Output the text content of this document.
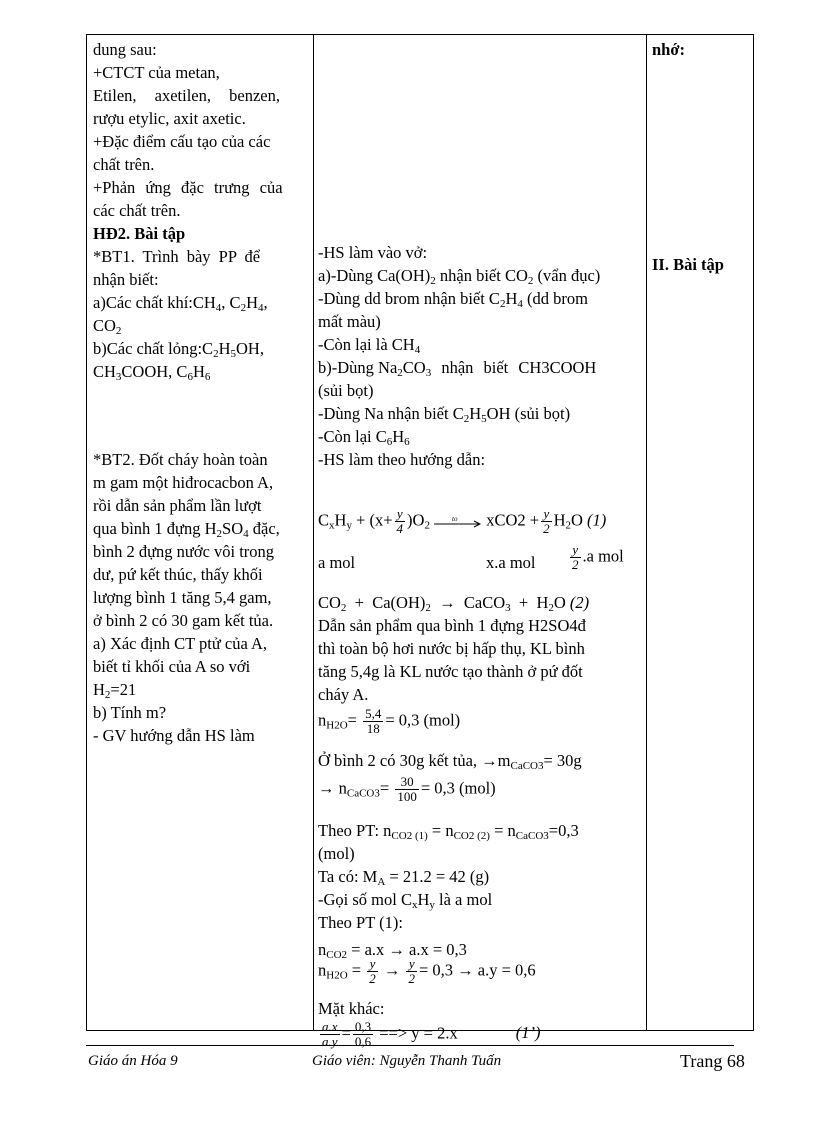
dung sau:
+CTCT của metan,
Etilen, axetilen, benzen,
rượu etylic, axit axetic.
+Đặc điểm cấu tạo của các
chất trên.
+Phản ứng đặc trưng của
các chất trên.
HĐ2. Bài tập
*BT1. Trình bày PP để
nhận biết:
a)Các chất $khí:CH_4$, $C_2H_4$,
$CO_2$
b)Các chất $lỏng:C_2H_5OH$,
$CH_3COOH$, $C_6H_6$
*BT2. Đốt cháy hoàn toàn
m gam một hiđrocacbon A,
rồi dẫn sản phẩm lần lượt
qua bình 1 đựng $H_2SO_4$ đặc,
bình 2 đựng nước vôi trong
dư, pứ kết thúc, thấy khối
lượng bình 1 tăng 5,4 gam,
ở bình 2 có 30 gam kết tủa.
a) Xác định CT ptử của A,
biết tỉ khối của A so với
$H_2=21$
b) Tính m?
- GV hướng dẫn HS làm
-HS làm vào vở:
a)-Dùng $Ca(OH)_2$ nhận biết $CO_2$ (vẩn đục)
-Dùng dd brom nhận biết $C_2H_4$ (dd brom
mất màu)
-Còn lại là $CH_4$
b)-Dùng $Na_2CO_3$ nhận biết CH3COOH
(sủi bọt)
-Dùng Na nhận biết $C_2H_5OH$ (sủi bọt)
-Còn lại $C_6H_6$
-HS làm theo hướng dẫn:
$C_xH_y + (x+ \frac{y}{4} )O_2$
to $xCO2 + \frac{y}{2} H_2O$ (1)
a mol	x.a mol	$\frac{y}{2} .a$ mol
$CO_2 + Ca(OH)_2$  →  CaCO$_3$  +  $H_2O$ (2)
Dẫn sản phẩm qua bình 1 đựng H2SO4đ
thì toàn bộ hơi nước bị hấp thụ, KL bình
tăng 5,4g là KL nước tạo thành ở pứ đốt
cháy A.
$n_{H2O}= \frac{5,4}{18} = 0,3$ (mol)
Ở bình 2 có 30g kết tủa, $\to m_{CaCO3}= 30g$
→ $n_{CaCO3}= \frac{30}{100} = 0,3$ (mol)
Theo PT: $n_{CO2 (1)} = n_{CO2 (2)} = n_{CaCO3}=0,3$
(mol)
Ta có: $M_A = 21.2 = 42$ (g)
-Gọi số mol $C_xH_y$ là a mol
Theo PT (1):
$n_{CO2} = a.x \to a.x = 0,3$
$n_{H2O} = \frac{y}{2} \to \frac{y}{2} = 0,3 \to a.y = 0,6$
Mặt khác:
$\frac{a.x}{a.y} = \frac{0,3}{0,6}$ ==> y = 2.x	(1’)
nhớ:
II. Bài tập
Giáo án Hóa 9	Giáo viên: Nguyễn Thanh Tuấn	Trang 68
